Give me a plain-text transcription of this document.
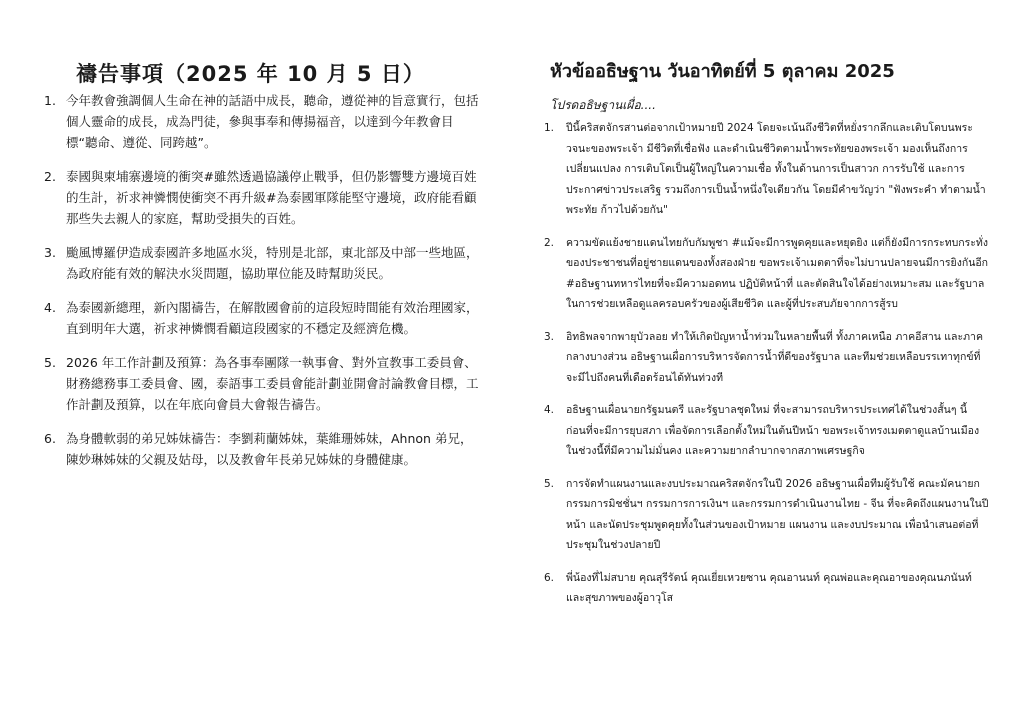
禱告事項（2025 年 10 月 5 日）
1. 今年教會強調個人生命在神的話語中成長，聽命，遵從神的旨意實行，包括個人靈命的成長，成為門徒，參與事奉和傳揚福音，以達到今年教會目標“聽命、遵從、同跨越”。
2. 泰國與柬埔寨邊境的衝突#雖然透過協議停止戰爭，但仍影響雙方邊境百姓的生計，祈求神憐憫使衝突不再升級#為泰國軍隊能堅守邊境，政府能看顧那些失去親人的家庭，幫助受損失的百姓。
3. 颱風博羅伊造成泰國許多地區水災，特別是北部，東北部及中部一些地區，為政府能有效的解決水災問題，協助單位能及時幫助災民。
4. 為泰國新總理，新內閣禱告，在解散國會前的這段短時間能有效治理國家，直到明年大選，祈求神憐憫看顧這段國家的不穩定及經濟危機。
5. 2026 年工作計劃及預算：為各事奉團隊一執事會、對外宣教事工委員會、財務總務事工委員會、國，泰語事工委員會能計劃並開會討論教會目標，工作計劃及預算，以在年底向會員大會報告禱告。
6. 為身體軟弱的弟兄姊妹禱告：李劉莉蘭姊妹，葉維珊姊妹，Ahnon 弟兄，陳妙琳姊妹的父親及姑母，以及教會年長弟兄姊妹的身體健康。
หัวข้ออธิษฐาน วันอาทิตย์ที่ 5 ตุลาคม 2025
โปรดอธิษฐานเผื่อ....
1. ปีนี้คริสตจักรสานต่อจากเป้าหมายปี 2024 โดยจะเน้นถึงชีวิตที่หยั่งรากลึกและเติบโตบนพระวจนะของพระเจ้า มีชีวิตที่เชื่อฟัง และดำเนินชีวิตตามน้ำพระทัยของพระเจ้า มองเห็นถึงการเปลี่ยนแปลง การเติบโตเป็นผู้ใหญ่ในความเชื่อ ทั้งในด้านการเป็นสาวก การรับใช้ และการประกาศข่าวประเสริฐ รวมถึงการเป็นน้ำหนึ่งใจเดียวกัน โดยมีคำขวัญว่า "ฟังพระคำ ทำตามน้ำพระทัย ก้าวไปด้วยกัน"
2. ความขัดแย้งชายแดนไทยกับกัมพูชา #แม้จะมีการพูดคุยและหยุดยิง แต่ก็ยังมีการกระทบกระทั่งของประชาชนที่อยู่ชายแดนของทั้งสองฝ่าย ขอพระเจ้าเมตตาที่จะไม่บานปลายจนมีการยิงกันอีก #อธิษฐานทหารไทยที่จะมีความอดทน ปฏิบัติหน้าที่ และตัดสินใจได้อย่างเหมาะสม และรัฐบาลในการช่วยเหลือดูแลครอบครัวของผู้เสียชีวิต และผู้ที่ประสบภัยจากการสู้รบ
3. อิทธิพลจากพายุบัวลอย ทำให้เกิดปัญหาน้ำท่วมในหลายพื้นที่ ทั้งภาคเหนือ ภาคอีสาน และภาคกลางบางส่วน อธิษฐานเผื่อการบริหารจัดการน้ำที่ดีของรัฐบาล และทีมช่วยเหลือบรรเทาทุกข์ที่จะมีไปถึงคนที่เดือดร้อนได้ทันท่วงที
4. อธิษฐานเผื่อนายกรัฐมนตรี และรัฐบาลชุดใหม่ ที่จะสามารถบริหารประเทศได้ในช่วงสั้นๆ นี้ ก่อนที่จะมีการยุบสภา เพื่อจัดการเลือกตั้งใหม่ในต้นปีหน้า ขอพระเจ้าทรงเมตตาดูแลบ้านเมืองในช่วงนี้ที่มีความไม่มั่นคง และความยากลำบากจากสภาพเศรษฐกิจ
5. การจัดทำแผนงานและงบประมาณคริสตจักรในปี 2026 อธิษฐานเผื่อทีมผู้รับใช้ คณะมัคนายก กรรมการมิชชั่นฯ กรรมการการเงินฯ และกรรมการดำเนินงานไทย - จีน ที่จะคิดถึงแผนงานในปีหน้า และนัดประชุมพูดคุยทั้งในส่วนของเป้าหมาย แผนงาน และงบประมาณ เพื่อนำเสนอต่อที่ประชุมในช่วงปลายปี
6. พี่น้องที่ไม่สบาย คุณสุรีรัตน์ คุณเยี่ยเหวยซาน คุณอานนท์ คุณพ่อและคุณอาของคุณนภนันท์ และสุขภาพของผู้อาวุโส
